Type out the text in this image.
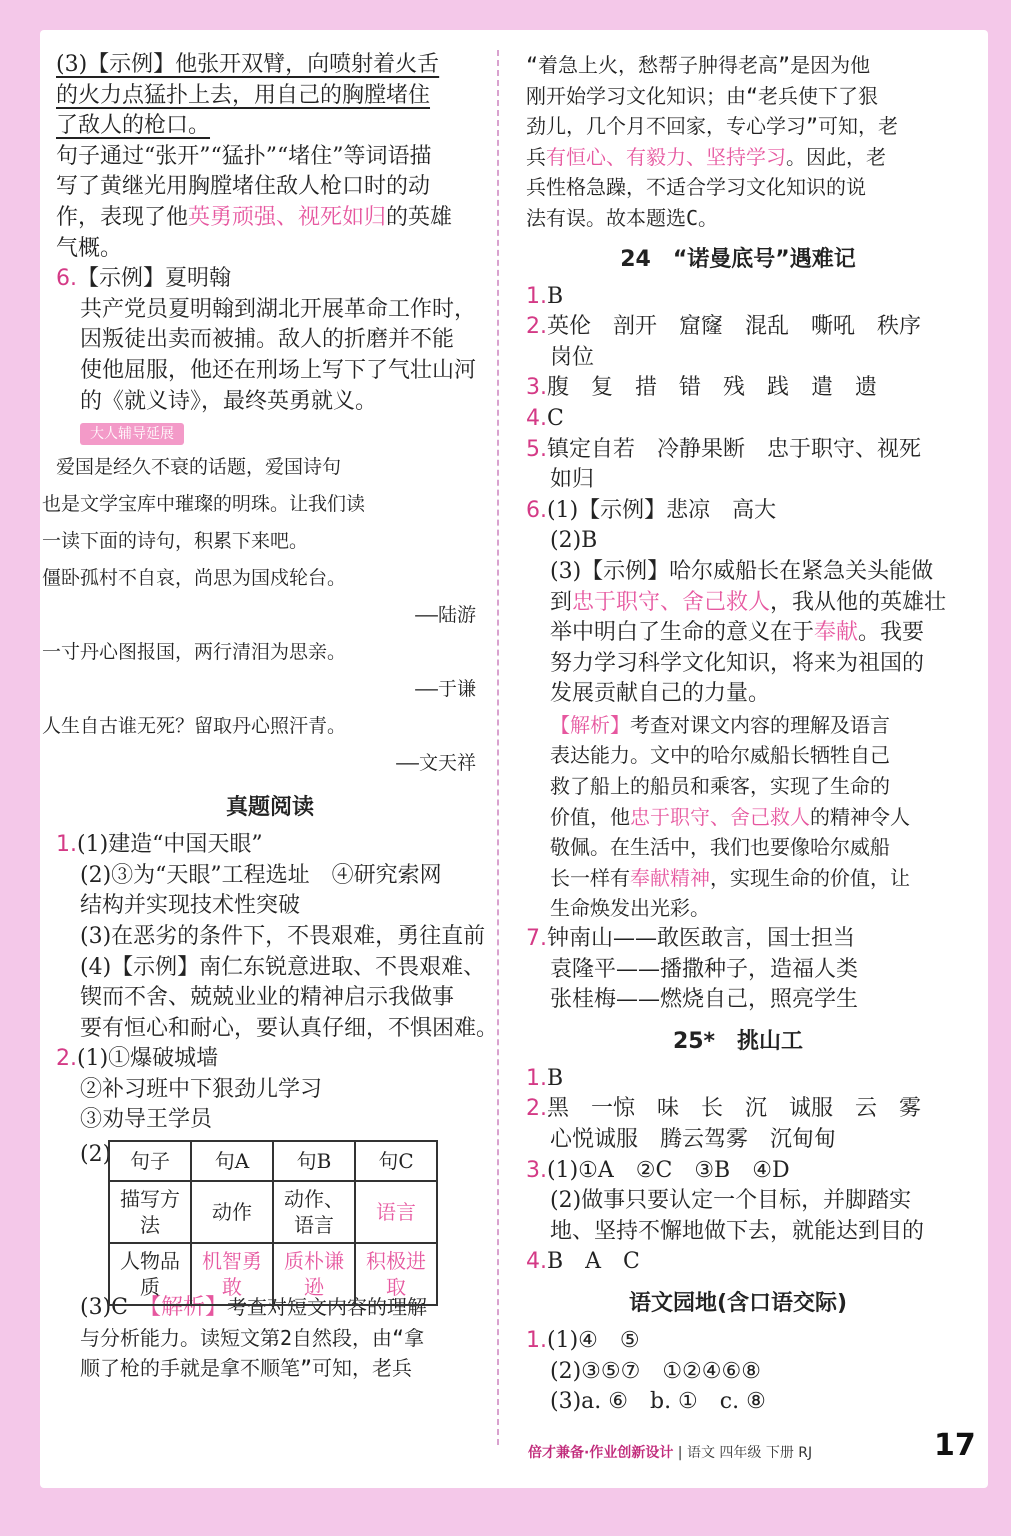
(3)【示例】他张开双臂，向喷射着火舌
的火力点猛扑上去，用自己的胸膛堵住
了敌人的枪口。
句子通过“张开”“猛扑”“堵住”等词语描
写了黄继光用胸膛堵住敌人枪口时的动
作，表现了他英勇顽强、视死如归的英雄
气概。
6.【示例】夏明翰
共产党员夏明翰到湖北开展革命工作时，
因叛徒出卖而被捕。敌人的折磨并不能
使他屈服，他还在刑场上写下了气壮山河
的《就义诗》，最终英勇就义。
大人辅导延展
爱国是经久不衰的话题，爱国诗句
也是文学宝库中璀璨的明珠。让我们读
一读下面的诗句，积累下来吧。
僵卧孤村不自哀，尚思为国戍轮台。
——陆游
一寸丹心图报国，两行清泪为思亲。
——于谦
人生自古谁无死？留取丹心照汗青。
——文天祥
真题阅读
1.(1)建造“中国天眼”
(2)③为“天眼”工程选址　④研究索网
结构并实现技术性突破
(3)在恶劣的条件下，不畏艰难，勇往直前
(4)【示例】南仁东锐意进取、不畏艰难、
锲而不舍、兢兢业业的精神启示我做事
要有恒心和耐心，要认真仔细，不惧困难。
2.(1)①爆破城墙
②补习班中下狠劲儿学习
③劝导王学员
(2) 句子	句A	句B	句C
描写方法	动作	动作、语言	语言
人物品质	机智勇敢	质朴谦逊	积极进取
(3)C　【解析】考查对短文内容的理解
与分析能力。读短文第2自然段，由“拿
顺了枪的手就是拿不顺笔”可知，老兵
“着急上火，愁帮子肿得老高”是因为他
刚开始学习文化知识；由“老兵使下了狠
劲儿，几个月不回家，专心学习”可知，老
兵有恒心、有毅力、坚持学习。因此，老
兵性格急躁，不适合学习文化知识的说
法有误。故本题选C。
24　“诺曼底号”遇难记
1.B
2.英伦　剖开　窟窿　混乱　嘶吼　秩序
岗位
3.腹　复　措　错　残　践　遣　遗
4.C
5.镇定自若　冷静果断　忠于职守、视死
如归
6.(1)【示例】悲凉　高大
(2)B
(3)【示例】哈尔威船长在紧急关头能做
到忠于职守、舍己救人，我从他的英雄壮
举中明白了生命的意义在于奉献。我要
努力学习科学文化知识，将来为祖国的
发展贡献自己的力量。
【解析】考查对课文内容的理解及语言
表达能力。文中的哈尔威船长牺牲自己
救了船上的船员和乘客，实现了生命的
价值，他忠于职守、舍己救人的精神令人
敬佩。在生活中，我们也要像哈尔威船
长一样有奉献精神，实现生命的价值，让
生命焕发出光彩。
7.钟南山——敢医敢言，国士担当
袁隆平——播撒种子，造福人类
张桂梅——燃烧自己，照亮学生
25*　挑山工
1.B
2.黑　一惊　味　长　沉　诚服　云　雾
心悦诚服　腾云驾雾　沉甸甸
3.(1)①A　②C　③B　④D
(2)做事只要认定一个目标，并脚踏实
地、坚持不懈地做下去，就能达到目的
4.B　A　C
语文园地(含口语交际)
1.(1)④　⑤
(2)③⑤⑦　①②④⑥⑧
(3)a. ⑥　b. ①　c. ⑧
倍才兼备·作业创新设计 | 语文 四年级 下册 RJ	17
